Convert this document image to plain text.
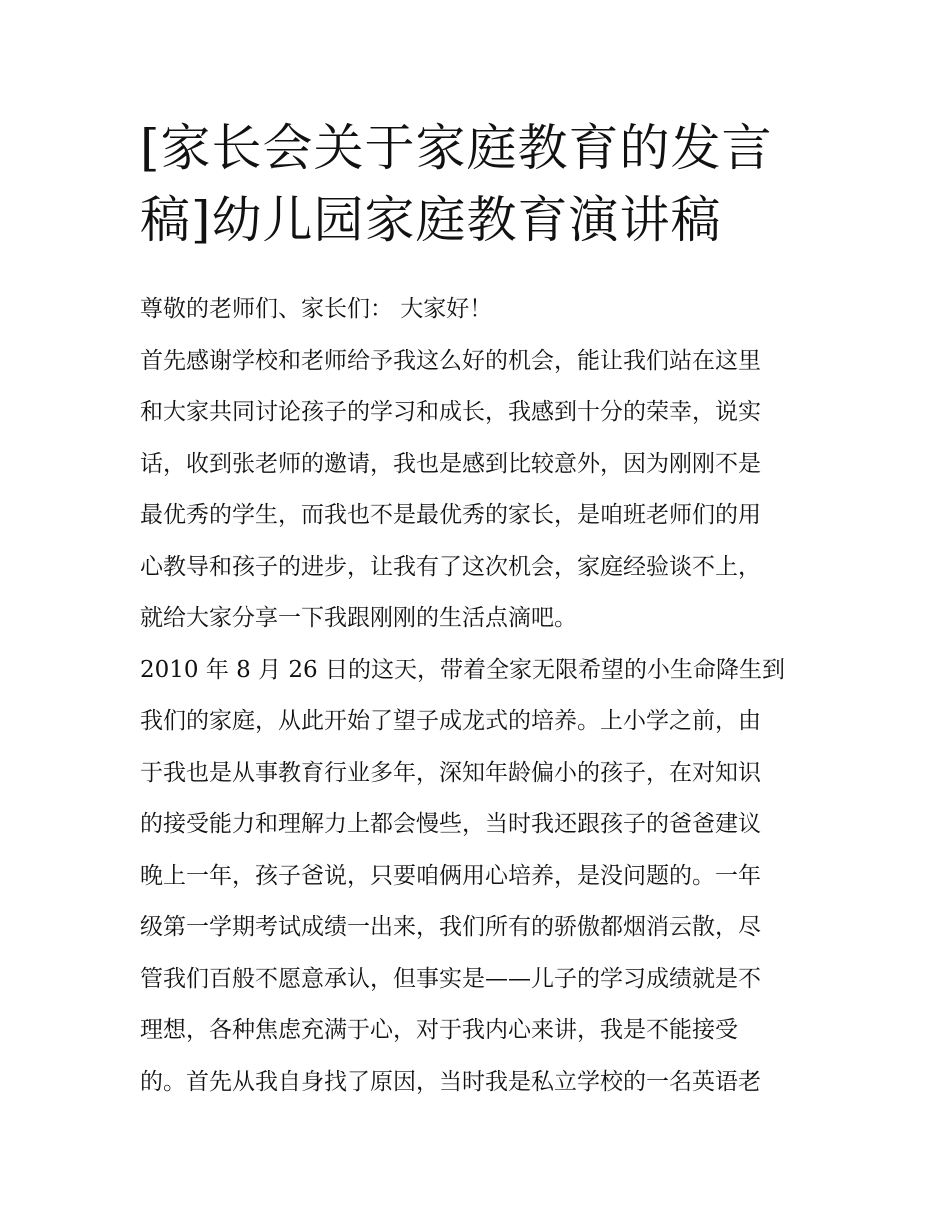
[家长会关于家庭教育的发言
稿]幼儿园家庭教育演讲稿
尊敬的老师们、家长们： 大家好！
首先感谢学校和老师给予我这么好的机会，能让我们站在这里
和大家共同讨论孩子的学习和成长，我感到十分的荣幸，说实
话，收到张老师的邀请，我也是感到比较意外，因为刚刚不是
最优秀的学生，而我也不是最优秀的家长，是咱班老师们的用
心教导和孩子的进步，让我有了这次机会，家庭经验谈不上，
就给大家分享一下我跟刚刚的生活点滴吧。
2010 年 8 月 26 日的这天，带着全家无限希望的小生命降生到
我们的家庭，从此开始了望子成龙式的培养。上小学之前，由
于我也是从事教育行业多年，深知年龄偏小的孩子，在对知识
的接受能力和理解力上都会慢些，当时我还跟孩子的爸爸建议
晚上一年，孩子爸说，只要咱俩用心培养，是没问题的。一年
级第一学期考试成绩一出来，我们所有的骄傲都烟消云散，尽
管我们百般不愿意承认，但事实是——儿子的学习成绩就是不
理想，各种焦虑充满于心，对于我内心来讲，我是不能接受
的。首先从我自身找了原因，当时我是私立学校的一名英语老
